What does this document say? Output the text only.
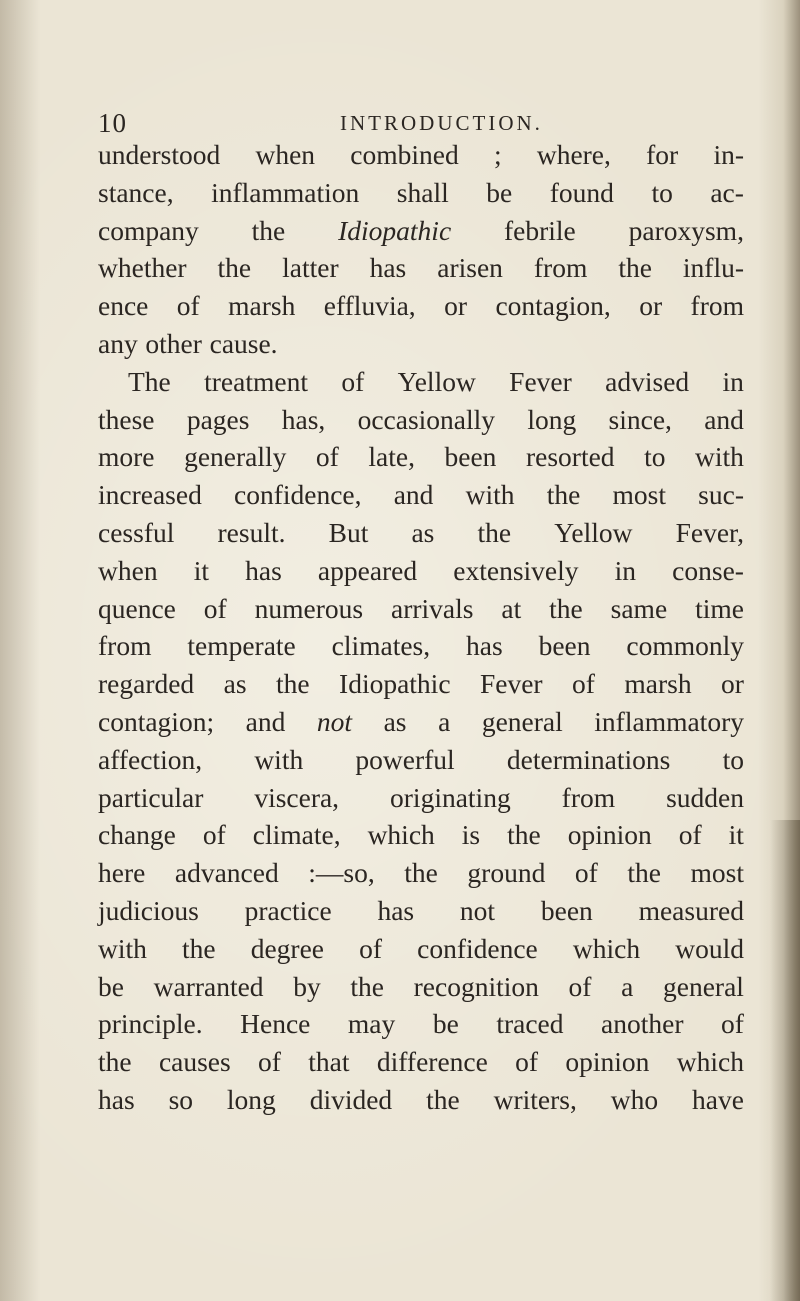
10	INTRODUCTION.
understood when combined ; where, for in-
stance, inflammation shall be found to ac-
company the Idiopathic febrile paroxysm,
whether the latter has arisen from the influ-
ence of marsh effluvia, or contagion, or from
any other cause.
The treatment of Yellow Fever advised in
these pages has, occasionally long since, and
more generally of late, been resorted to with
increased confidence, and with the most suc-
cessful result. But as the Yellow Fever,
when it has appeared extensively in conse-
quence of numerous arrivals at the same time
from temperate climates, has been commonly
regarded as the Idiopathic Fever of marsh or
contagion; and not as a general inflammatory
affection, with powerful determinations to
particular viscera, originating from sudden
change of climate, which is the opinion of it
here advanced :—so, the ground of the most
judicious practice has not been measured
with the degree of confidence which would
be warranted by the recognition of a general
principle. Hence may be traced another of
the causes of that difference of opinion which
has so long divided the writers, who have
